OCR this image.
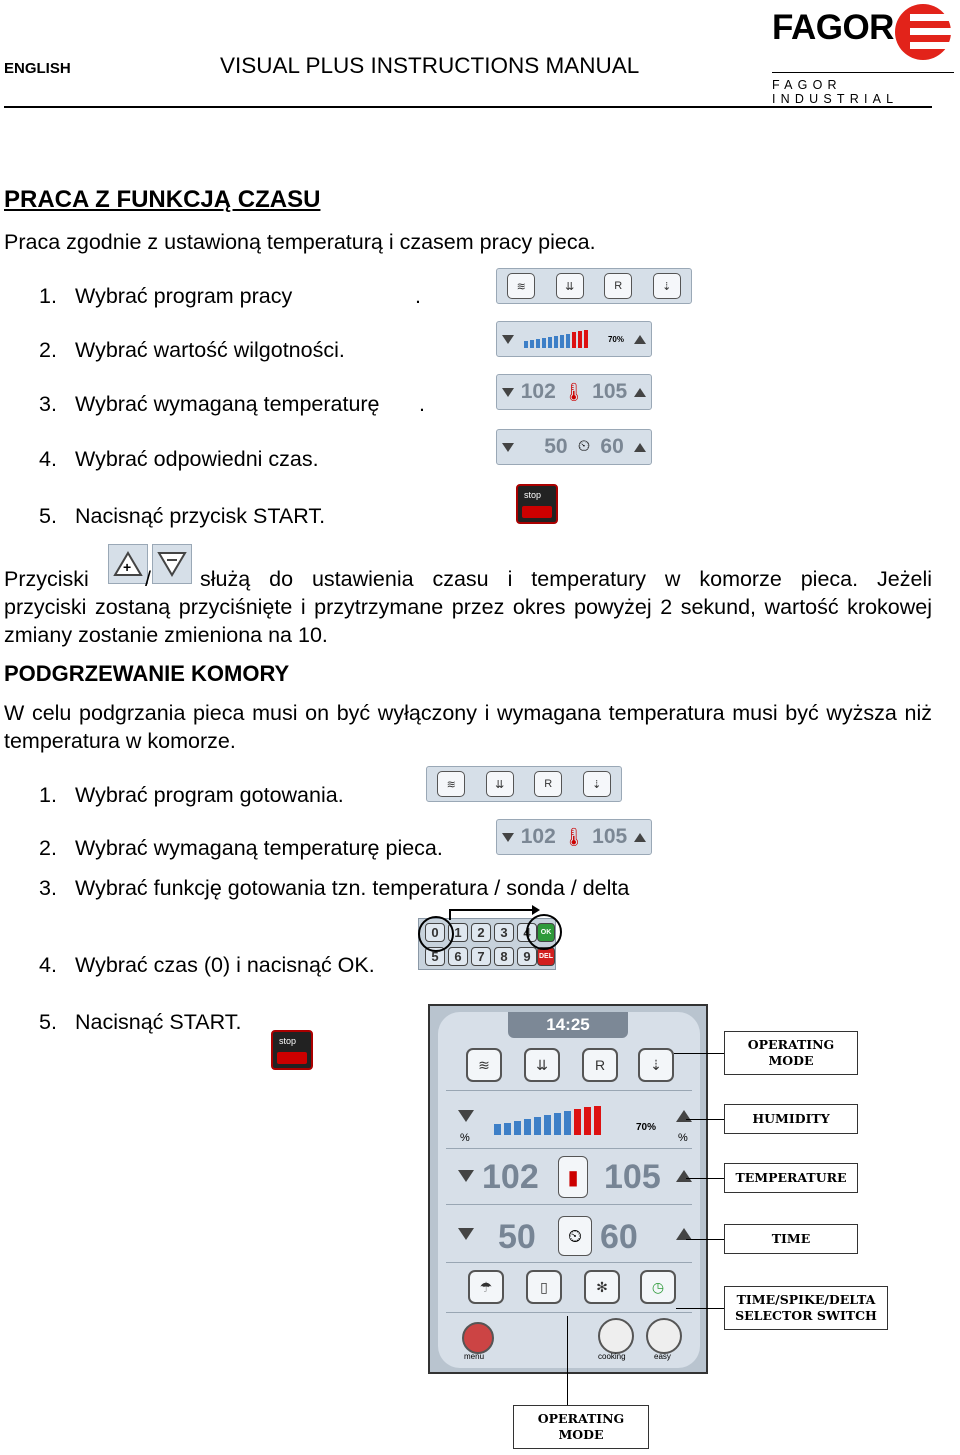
ENGLISH	VISUAL PLUS INSTRUCTIONS MANUAL
FAGOR
FAGOR INDUSTRIAL
PRACA Z FUNKCJĄ CZASU
Praca zgodnie z ustawioną temperaturą i czasem pracy pieca.
1. Wybrać program pracy	.
2. Wybrać wartość wilgotności.
3. Wybrać wymaganą temperaturę .
4. Wybrać odpowiedni czas.
5. Nacisnąć przycisk START.
≋	⇊	R	⇣
70%
102 🌡 105
50 ⏲ 60
stop
Przyciski + / służą do ustawienia czasu i temperatury w komorze pieca. Jeżeli
przyciski zostaną przyciśnięte i przytrzymane przez okres powyżej 2 sekund, wartość krokowej zmiany zostanie zmieniona na 10.
PODGRZEWANIE KOMORY
W celu podgrzania pieca musi on być wyłączony i wymagana temperatura musi być wyższa niż temperatura w komorze.
1. Wybrać program gotowania.
2. Wybrać wymaganą temperaturę pieca.
3. Wybrać funkcję gotowania tzn. temperatura / sonda / delta
4. Wybrać czas (0) i nacisnąć OK.
5. Nacisnąć START.
≋	⇊	R	⇣
102 🌡 105
0	1	2	3	4
5	6	7	8	9
OK
DEL
stop
14:25
≋	⇊	R	⇣
%
70%
%
102	▮ 105
50	⏲ 60
☂	▯	✻	◷
menu	cooking	easy
OPERATING MODE
HUMIDITY
TEMPERATURE
TIME
TIME/SPIKE/DELTA
SELECTOR SWITCH
OPERATING MODE
